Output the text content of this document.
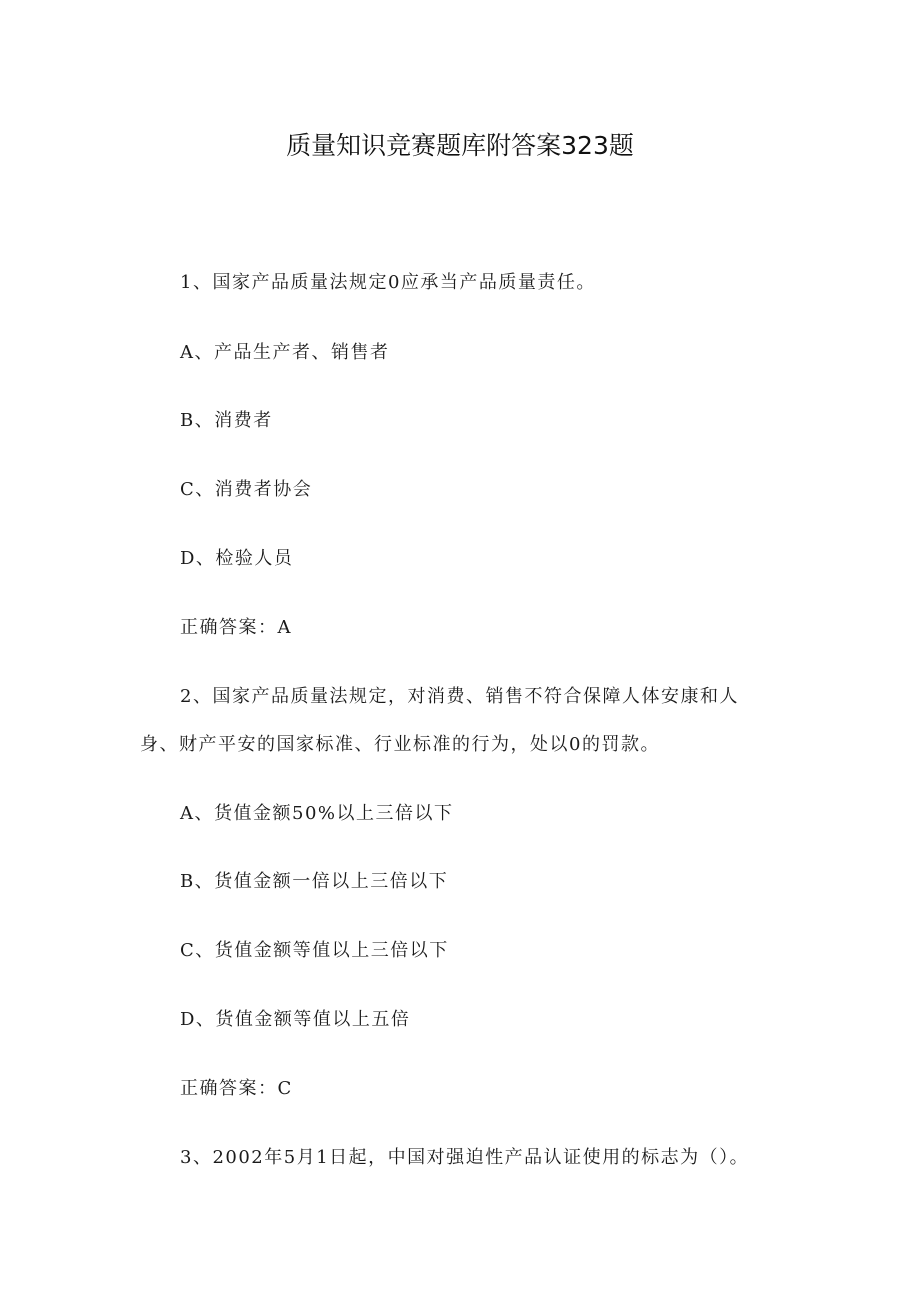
质量知识竞赛题库附答案323题
1、国家产品质量法规定0应承当产品质量责任。
A、产品生产者、销售者
B、消费者
C、消费者协会
D、检验人员
正确答案：A
2、国家产品质量法规定，对消费、销售不符合保障人体安康和人
身、财产平安的国家标准、行业标准的行为，处以0的罚款。
A、货值金额50%以上三倍以下
B、货值金额一倍以上三倍以下
C、货值金额等值以上三倍以下
D、货值金额等值以上五倍
正确答案：C
3、2002年5月1日起，中国对强迫性产品认证使用的标志为（）。
